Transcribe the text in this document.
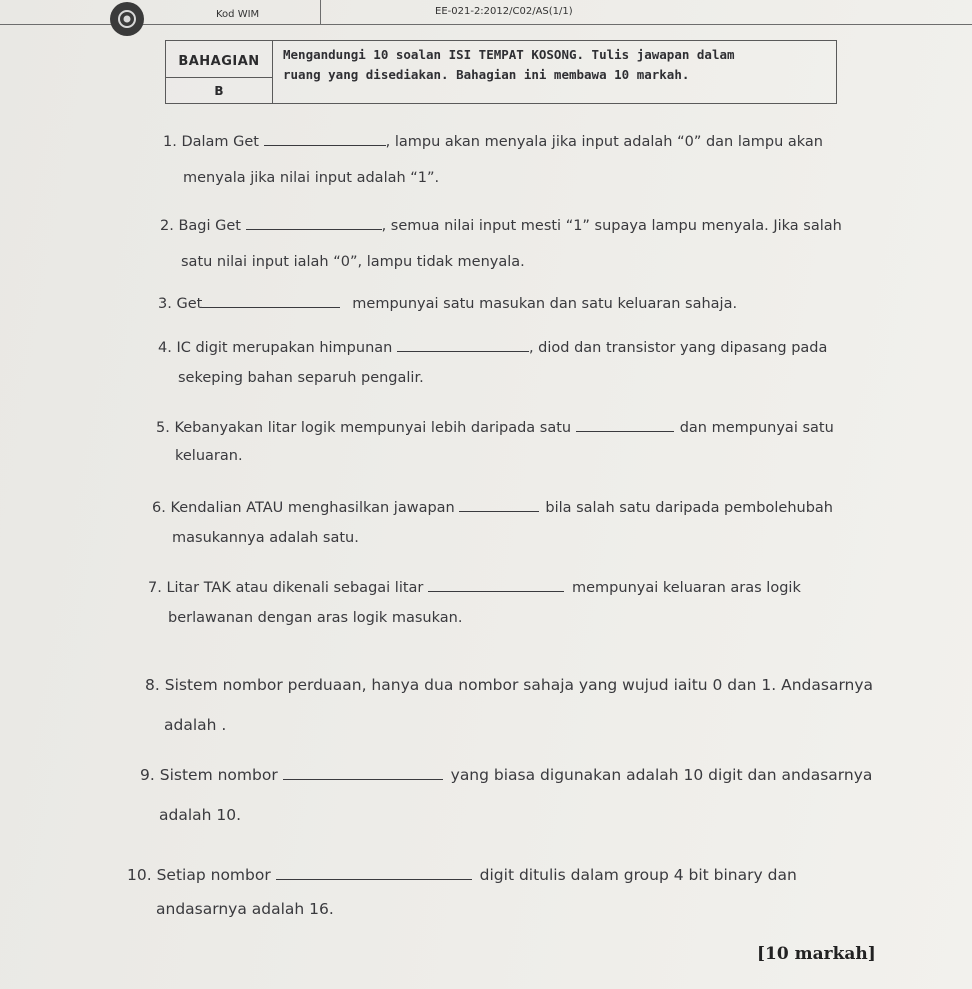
Kod WIM	EE-021-2:2012/C02/AS(1/1)
BAHAGIAN
B
Mengandungi 10 soalan ISI TEMPAT KOSONG. Tulis jawapan dalam
ruang yang disediakan. Bahagian ini membawa 10 markah.
1. Dalam Get	, lampu akan menyala jika input adalah “0” dan lampu akan
menyala jika nilai input adalah “1”.
2. Bagi Get	, semua nilai input mesti “1” supaya lampu menyala. Jika salah
satu nilai input ialah “0”, lampu tidak menyala.
3. Get	mempunyai satu masukan dan satu keluaran sahaja.
4. IC digit merupakan himpunan	, diod dan transistor yang dipasang pada
sekeping bahan separuh pengalir.
5. Kebanyakan litar logik mempunyai lebih daripada satu	dan mempunyai satu
keluaran.
6. Kendalian ATAU menghasilkan jawapan	bila salah satu daripada pembolehubah
masukannya adalah satu.
7. Litar TAK atau dikenali sebagai litar	mempunyai keluaran aras logik
berlawanan dengan aras logik masukan.
8. Sistem nombor perduaan, hanya dua nombor sahaja yang wujud iaitu 0 dan 1. Andasarnya
adalah .
9. Sistem nombor	yang biasa digunakan adalah 10 digit dan andasarnya
adalah 10.
10. Setiap nombor	digit ditulis dalam group 4 bit binary dan
andasarnya adalah 16.
[10 markah]
